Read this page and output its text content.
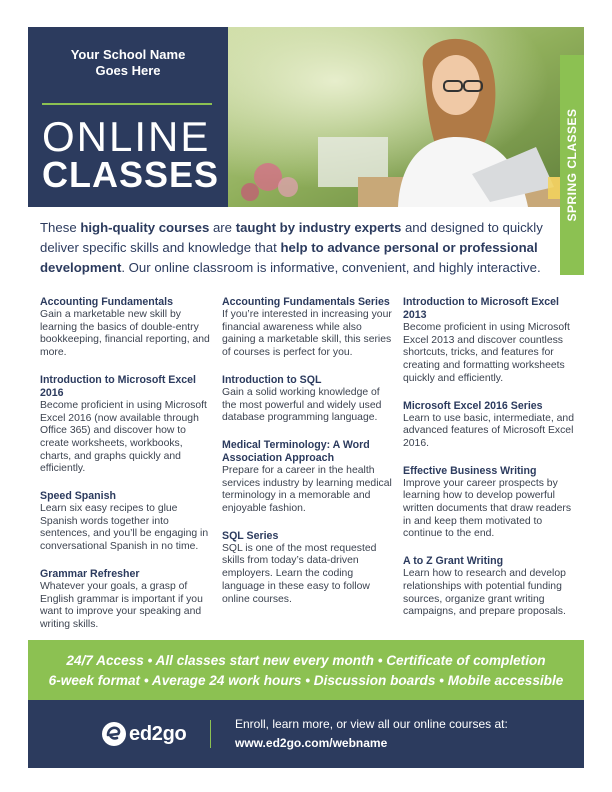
Your School Name
Goes Here
ONLINE
CLASSES	SPRING CLASSES
These high-quality courses are taught by industry experts and designed to quickly deliver specific skills and knowledge that help to advance personal or professional development. Our online classroom is informative, convenient, and highly interactive.
Accounting Fundamentals
Gain a marketable new skill by learning the basics of double-entry bookkeeping, financial reporting, and more.
Introduction to Microsoft Excel 2016
Become proficient in using Microsoft Excel 2016 (now available through Office 365) and discover how to create worksheets, workbooks, charts, and graphs quickly and efficiently.
Speed Spanish
Learn six easy recipes to glue Spanish words together into sentences, and you’ll be engaging in conversational Spanish in no time.
Grammar Refresher
Whatever your goals, a grasp of English grammar is important if you want to improve your speaking and writing skills.
Accounting Fundamentals Series
If you’re interested in increasing your financial awareness while also gaining a marketable skill, this series of courses is perfect for you.
Introduction to SQL
Gain a solid working knowledge of the most powerful and widely used database programming language.
Medical Terminology: A Word Association Approach
Prepare for a career in the health services industry by learning medical terminology in a memorable and enjoyable fashion.
SQL Series
SQL is one of the most requested skills from today’s data-driven employers. Learn the coding language in these easy to follow online courses.
Introduction to Microsoft Excel 2013
Become proficient in using Microsoft Excel 2013 and discover countless shortcuts, tricks, and features for creating and formatting worksheets quickly and efficiently.
Microsoft Excel 2016 Series
Learn to use basic, intermediate, and advanced features of Microsoft Excel 2016.
Effective Business Writing
Improve your career prospects by learning how to develop powerful written documents that draw readers in and keep them motivated to continue to the end.
A to Z Grant Writing
Learn how to research and develop relationships with potential funding sources, organize grant writing campaigns, and prepare proposals.
24/7 Access • All classes start new every month • Certificate of completion
6-week format • Average 24 work hours • Discussion boards • Mobile accessible
ed2go	Enroll, learn more, or view all our online courses at:
www.ed2go.com/webname
